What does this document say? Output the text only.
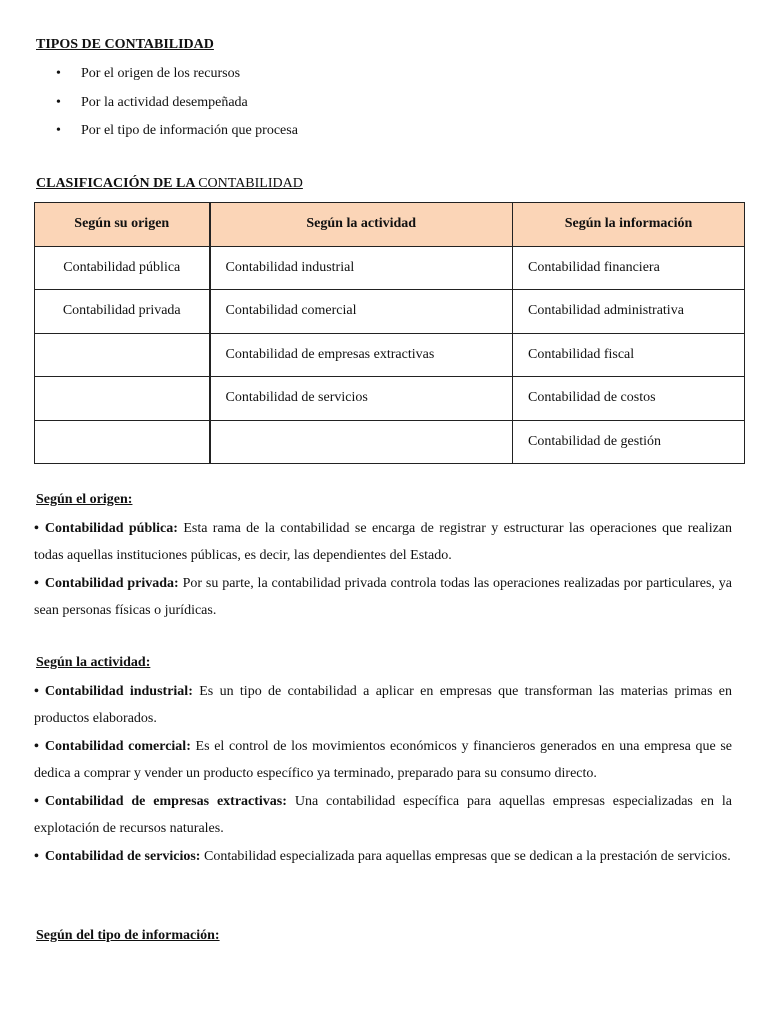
TIPOS DE CONTABILIDAD
• Por el origen de los recursos
• Por la actividad desempeñada
• Por el tipo de información que procesa
CLASIFICACIÓN DE LA CONTABILIDAD
Según su origen	Según la actividad	Según la información
Contabilidad pública	Contabilidad industrial	Contabilidad financiera
Contabilidad privada	Contabilidad comercial	Contabilidad administrativa
	Contabilidad de empresas extractivas	Contabilidad fiscal
	Contabilidad de servicios	Contabilidad de costos
		Contabilidad de gestión
Según el origen:

• Contabilidad pública: Esta rama de la contabilidad se encarga de registrar y estructurar las operaciones que realizan todas aquellas instituciones públicas, es decir, las dependientes del Estado.

• Contabilidad privada: Por su parte, la contabilidad privada controla todas las operaciones realizadas por particulares, ya sean personas físicas o jurídicas.

Según la actividad:

• Contabilidad industrial: Es un tipo de contabilidad a aplicar en empresas que transforman las materias primas en productos elaborados.

• Contabilidad comercial: Es el control de los movimientos económicos y financieros generados en una empresa que se dedica a comprar y vender un producto específico ya terminado, preparado para su consumo directo.

• Contabilidad de empresas extractivas: Una contabilidad específica para aquellas empresas especializadas en la explotación de recursos naturales.

• Contabilidad de servicios: Contabilidad especializada para aquellas empresas que se dedican a la prestación de servicios.

Según del tipo de información:
